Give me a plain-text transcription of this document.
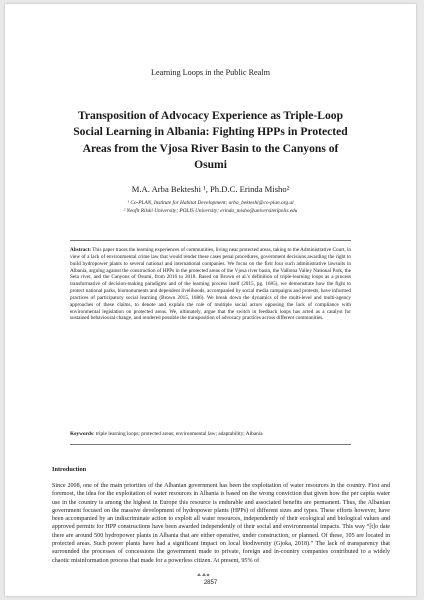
Learning Loops in the Public Realm
Transposition of Advocacy Experience as Triple-Loop Social Learning in Albania: Fighting HPPs in Protected Areas from the Vjosa River Basin to the Canyons of Osumi
M.A. Arba Bekteshi ¹, Ph.D.C. Erinda Misho²
¹ Co-PLAN, Institute for Habitat Development; arba_bekteshi@co-plan.org.al
² Neofit Rilski University; POLIS University; erinda_misho@universitetipolis.edu
Abstract: This paper traces the learning experiences of communities, living near protected areas, taking to the Administrative Court, in view of a lack of environmental crime law that would render these cases penal procedures, government decisions awarding the right to build hydropower plants to several national and international companies. We focus on the first four such administrative lawsuits in Albania, arguing against the construction of HPPs in the protected areas of the Vjosa river basin, the Valbona Valley National Park, the Seta river, and the Canyons of Osumi, from 2016 to 2018. Based on Brown et al.'s definition of triple-learning loops as a process transformative of decision-making paradigms and of the learning process itself (2015, pg. 1685), we demonstrate how the fight to protect national parks, biomonuments and dependent livelihoods, accompanied by social media campaigns and protests, have informed practices of participatory social learning (Brown 2015, 1686). We break down the dynamics of the multi-level and multi-agency approaches of these claims, to denote and explain the role of multiple social actors opposing the lack of compliance with environmental legislation on protected areas. We, ultimately, argue that the switch in feedback loops has acted as a catalyst for sustained behavioural change, and rendered possible the transposition of advocacy practices across different communities.
Keywords: triple learning loops; protected areas; environmental law; adaptability; Albania
Introduction
Since 2008, one of the main priorities of the Albanian government has been the exploitation of water resources in the country. First and foremost, the idea for the exploitation of water resources in Albania is based on the wrong conviction that given how the per capita water use in the country is among the highest in Europe this resource is endurable and associated benefits are permanent. Thus, the Albanian government focused on the massive development of hydropower plants (HPPs) of different sizes and types. These efforts however, have been accompanied by an indiscriminate action to exploit all water resources, independently of their ecological and biological values and approved permits for HPP constructions have been awarded independently of their social and environmental impacts. This way “[t]o date there are around 500 hydropower plants in Albania that are either operative, under construction, or planned. Of these, 105 are located in protected areas. Such power plants have had a significant impact on local biodiversity (Gjoka, 2018).” The lack of transparency that surrounded the processes of concessions the government made to private, foreign and in-country companies contributed to a widely chaotic misinformation process that made for a powerless citizen. At present, 95% of
2857
